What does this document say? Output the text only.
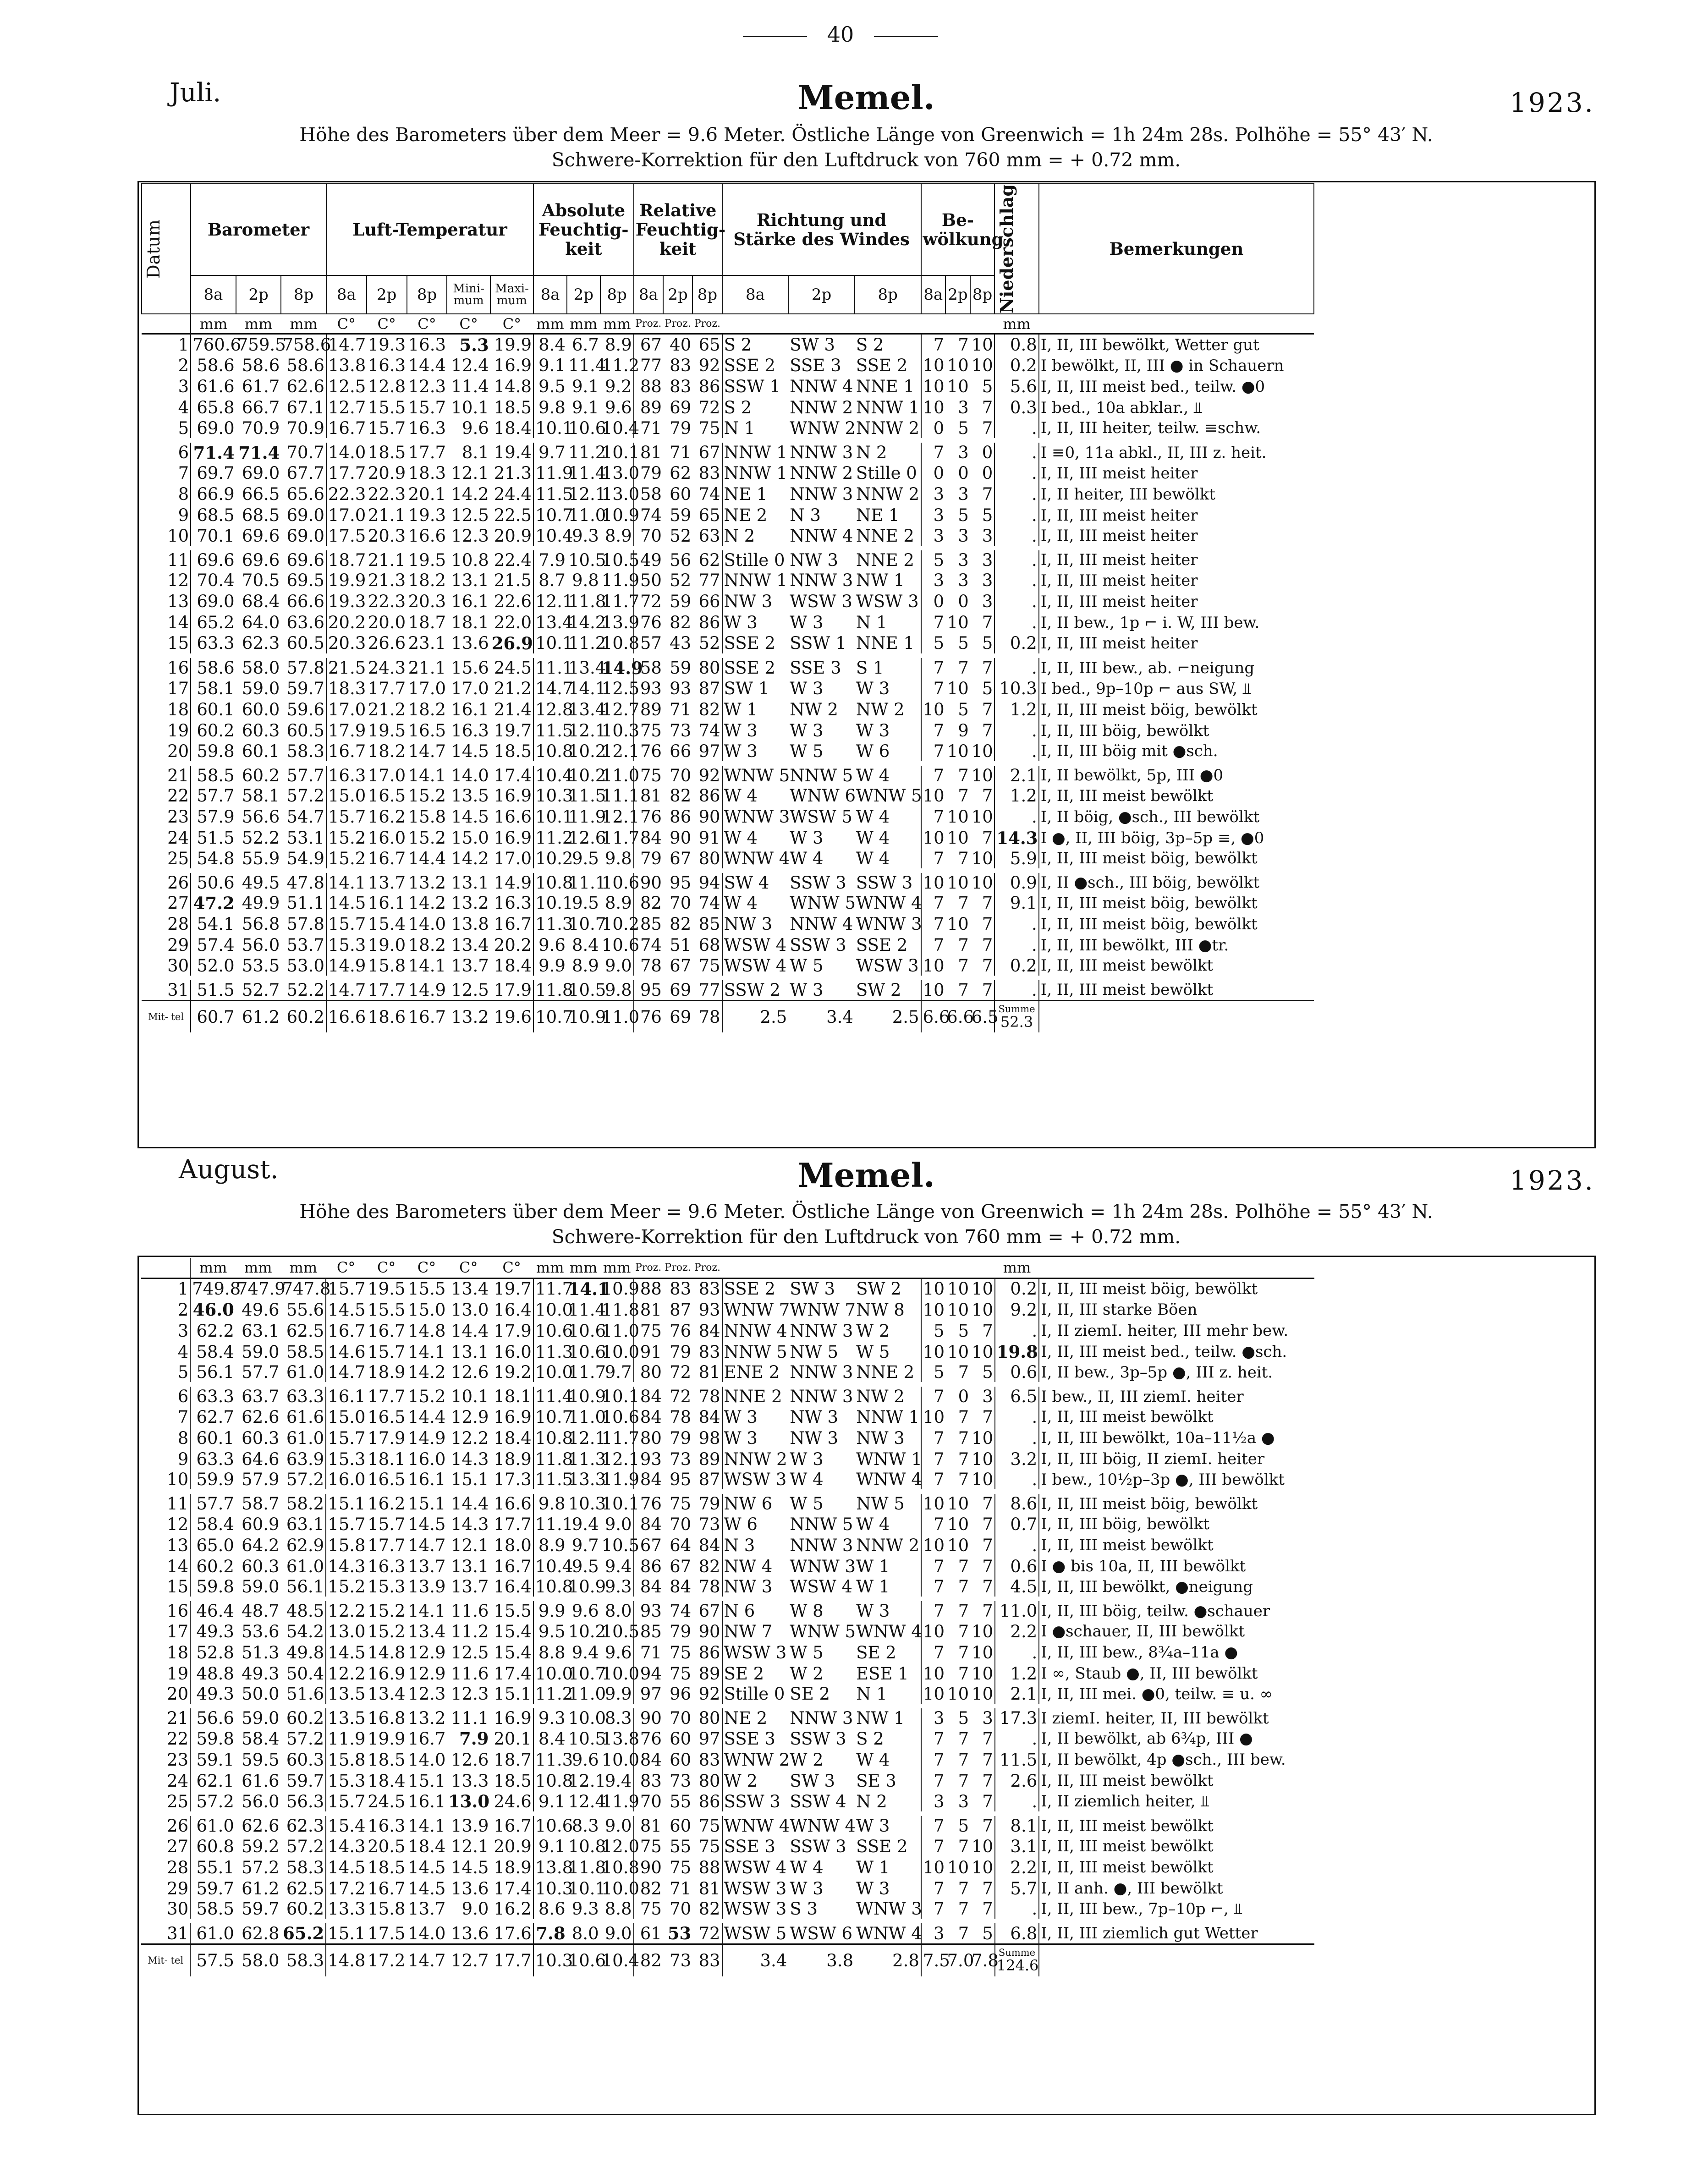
40
Juli.	Memel.	1923.
Höhe des Barometers über dem Meer = 9.6 Meter. Östliche Länge von Greenwich = 1h 24m 28s. Polhöhe = 55° 43′ N.
Schwere-Korrektion für den Luftdruck von 760 mm = + 0.72 mm.
Datum	Barometer			Luft-Temperatur					Absolute Feuchtig- keit			Relative Feuchtig- keit			Richtung und Stärke des Windes			Be- wölkung			Niederschlag	Bemerkungen
	8a	2p	8p	8a	2p	8p	Mini- mum	Maxi- mum	8a	2p	8p	8a	2p	8p	8a	2p	8p	8a	2p	8p		
	mm	mm	mm	C°	C°	C°	C°	C°	mm	mm	mm	Proz.	Proz.	Proz.							mm	
1	760.6	759.5	758.6	14.7	19.3	16.3	5.3	19.9	8.4	6.7	8.9	67	40	65	S 2	SW 3	S 2	7	7	10	0.8	I, II, III bewölkt, Wetter gut
2	58.6	58.6	58.6	13.8	16.3	14.4	12.4	16.9	9.1	11.4	11.2	77	83	92	SSE 2	SSE 3	SSE 2	10	10	10	0.2	I bewölkt, II, III ● in Schauern
3	61.6	61.7	62.6	12.5	12.8	12.3	11.4	14.8	9.5	9.1	9.2	88	83	86	SSW 1	NNW 4	NNE 1	10	10	5	5.6	I, II, III meist bed., teilw. ●0
4	65.8	66.7	67.1	12.7	15.5	15.7	10.1	18.5	9.8	9.1	9.6	89	69	72	S 2	NNW 2	NNW 1	10	3	7	0.3	I bed., 10a abklar., ⫫
5	69.0	70.9	70.9	16.7	15.7	16.3	9.6	18.4	10.1	10.6	10.4	71	79	75	N 1	WNW 2	NNW 2	0	5	7	.	I, II, III heiter, teilw. ≡schw.
6	71.4	71.4	70.7	14.0	18.5	17.7	8.1	19.4	9.7	11.2	10.1	81	71	67	NNW 1	NNW 3	N 2	7	3	0	.	I ≡0, 11a abkl., II, III z. heit.
7	69.7	69.0	67.7	17.7	20.9	18.3	12.1	21.3	11.9	11.4	13.0	79	62	83	NNW 1	NNW 2	Stille 0	0	0	0	.	I, II, III meist heiter
8	66.9	66.5	65.6	22.3	22.3	20.1	14.2	24.4	11.5	12.1	13.0	58	60	74	NE 1	NNW 3	NNW 2	3	3	7	.	I, II heiter, III bewölkt
9	68.5	68.5	69.0	17.0	21.1	19.3	12.5	22.5	10.7	11.0	10.9	74	59	65	NE 2	N 3	NE 1	3	5	5	.	I, II, III meist heiter
10	70.1	69.6	69.0	17.5	20.3	16.6	12.3	20.9	10.4	9.3	8.9	70	52	63	N 2	NNW 4	NNE 2	3	3	3	.	I, II, III meist heiter
11	69.6	69.6	69.6	18.7	21.1	19.5	10.8	22.4	7.9	10.5	10.5	49	56	62	Stille 0	NW 3	NNE 2	5	3	3	.	I, II, III meist heiter
12	70.4	70.5	69.5	19.9	21.3	18.2	13.1	21.5	8.7	9.8	11.9	50	52	77	NNW 1	NNW 3	NW 1	3	3	3	.	I, II, III meist heiter
13	69.0	68.4	66.6	19.3	22.3	20.3	16.1	22.6	12.1	11.8	11.7	72	59	66	NW 3	WSW 3	WSW 3	0	0	3	.	I, II, III meist heiter
14	65.2	64.0	63.6	20.2	20.0	18.7	18.1	22.0	13.4	14.2	13.9	76	82	86	W 3	W 3	N 1	7	10	7	.	I, II bew., 1p ⌐ i. W, III bew.
15	63.3	62.3	60.5	20.3	26.6	23.1	13.6	26.9	10.1	11.2	10.8	57	43	52	SSE 2	SSW 1	NNE 1	5	5	5	0.2	I, II, III meist heiter
16	58.6	58.0	57.8	21.5	24.3	21.1	15.6	24.5	11.1	13.4	14.9	58	59	80	SSE 2	SSE 3	S 1	7	7	7	.	I, II, III bew., ab. ⌐neigung
17	58.1	59.0	59.7	18.3	17.7	17.0	17.0	21.2	14.7	14.1	12.5	93	93	87	SW 1	W 3	W 3	7	10	5	10.3	I bed., 9p–10p ⌐ aus SW, ⫫
18	60.1	60.0	59.6	17.0	21.2	18.2	16.1	21.4	12.8	13.4	12.7	89	71	82	W 1	NW 2	NW 2	10	5	7	1.2	I, II, III meist böig, bewölkt
19	60.2	60.3	60.5	17.9	19.5	16.5	16.3	19.7	11.5	12.1	10.3	75	73	74	W 3	W 3	W 3	7	9	7	.	I, II, III böig, bewölkt
20	59.8	60.1	58.3	16.7	18.2	14.7	14.5	18.5	10.8	10.2	12.1	76	66	97	W 3	W 5	W 6	7	10	10	.	I, II, III böig mit ●sch.
21	58.5	60.2	57.7	16.3	17.0	14.1	14.0	17.4	10.4	10.2	11.0	75	70	92	WNW 5	NNW 5	W 4	7	7	10	2.1	I, II bewölkt, 5p, III ●0
22	57.7	58.1	57.2	15.0	16.5	15.2	13.5	16.9	10.3	11.5	11.1	81	82	86	W 4	WNW 6	WNW 5	10	7	7	1.2	I, II, III meist bewölkt
23	57.9	56.6	54.7	15.7	16.2	15.8	14.5	16.6	10.1	11.9	12.1	76	86	90	WNW 3	WSW 5	W 4	7	10	10	.	I, II böig, ●sch., III bewölkt
24	51.5	52.2	53.1	15.2	16.0	15.2	15.0	16.9	11.2	12.6	11.7	84	90	91	W 4	W 3	W 4	10	10	7	14.3	I ●, II, III böig, 3p–5p ≡, ●0
25	54.8	55.9	54.9	15.2	16.7	14.4	14.2	17.0	10.2	9.5	9.8	79	67	80	WNW 4	W 4	W 4	7	7	10	5.9	I, II, III meist böig, bewölkt
26	50.6	49.5	47.8	14.1	13.7	13.2	13.1	14.9	10.8	11.1	10.6	90	95	94	SW 4	SSW 3	SSW 3	10	10	10	0.9	I, II ●sch., III böig, bewölkt
27	47.2	49.9	51.1	14.5	16.1	14.2	13.2	16.3	10.1	9.5	8.9	82	70	74	W 4	WNW 5	WNW 4	7	7	7	9.1	I, II, III meist böig, bewölkt
28	54.1	56.8	57.8	15.7	15.4	14.0	13.8	16.7	11.3	10.7	10.2	85	82	85	NW 3	NNW 4	WNW 3	7	10	7	.	I, II, III meist böig, bewölkt
29	57.4	56.0	53.7	15.3	19.0	18.2	13.4	20.2	9.6	8.4	10.6	74	51	68	WSW 4	SSW 3	SSE 2	7	7	7	.	I, II, III bewölkt, III ●tr.
30	52.0	53.5	53.0	14.9	15.8	14.1	13.7	18.4	9.9	8.9	9.0	78	67	75	WSW 4	W 5	WSW 3	10	7	7	0.2	I, II, III meist bewölkt
31	51.5	52.7	52.2	14.7	17.7	14.9	12.5	17.9	11.8	10.5	9.8	95	69	77	SSW 2	W 3	SW 2	10	7	7	.	I, II, III meist bewölkt
Mit- tel	60.7	61.2	60.2	16.6	18.6	16.7	13.2	19.6	10.7	10.9	11.0	76	69	78	2.5	3.4	2.5	6.6	6.6	6.5	Summe
52.3	

August.	Memel.	1923.
Höhe des Barometers über dem Meer = 9.6 Meter. Östliche Länge von Greenwich = 1h 24m 28s. Polhöhe = 55° 43′ N.
Schwere-Korrektion für den Luftdruck von 760 mm = + 0.72 mm.
	mm	mm	mm	C°	C°	C°	C°	C°	mm	mm	mm	Proz.	Proz.	Proz.							mm	
1	749.8	747.9	747.8	15.7	19.5	15.5	13.4	19.7	11.7	14.1	10.9	88	83	83	SSE 2	SW 3	SW 2	10	10	10	0.2	I, II, III meist böig, bewölkt
2	46.0	49.6	55.6	14.5	15.5	15.0	13.0	16.4	10.0	11.4	11.8	81	87	93	WNW 7	WNW 7	NW 8	10	10	10	9.2	I, II, III starke Böen
3	62.2	63.1	62.5	16.7	16.7	14.8	14.4	17.9	10.6	10.6	11.0	75	76	84	NNW 4	NNW 3	W 2	5	5	7	.	I, II ziemI. heiter, III mehr bew.
4	58.4	59.0	58.5	14.6	15.7	14.1	13.1	16.0	11.3	10.6	10.0	91	79	83	NNW 5	NW 5	W 5	10	10	10	19.8	I, II, III meist bed., teilw. ●sch.
5	56.1	57.7	61.0	14.7	18.9	14.2	12.6	19.2	10.0	11.7	9.7	80	72	81	ENE 2	NNW 3	NNE 2	5	7	5	0.6	I, II bew., 3p–5p ●, III z. heit.
6	63.3	63.7	63.3	16.1	17.7	15.2	10.1	18.1	11.4	10.9	10.1	84	72	78	NNE 2	NNW 3	NW 2	7	0	3	6.5	I bew., II, III ziemI. heiter
7	62.7	62.6	61.6	15.0	16.5	14.4	12.9	16.9	10.7	11.0	10.6	84	78	84	W 3	NW 3	NNW 1	10	7	7	.	I, II, III meist bewölkt
8	60.1	60.3	61.0	15.7	17.9	14.9	12.2	18.4	10.8	12.1	11.7	80	79	98	W 3	NW 3	NW 3	7	7	10	.	I, II, III bewölkt, 10a–11½a ●
9	63.3	64.6	63.9	15.3	18.1	16.0	14.3	18.9	11.8	11.3	12.1	93	73	89	NNW 2	W 3	WNW 1	7	7	10	3.2	I, II, III böig, II ziemI. heiter
10	59.9	57.9	57.2	16.0	16.5	16.1	15.1	17.3	11.5	13.3	11.9	84	95	87	WSW 3	W 4	WNW 4	7	7	10	.	I bew., 10½p–3p ●, III bewölkt
11	57.7	58.7	58.2	15.1	16.2	15.1	14.4	16.6	9.8	10.3	10.1	76	75	79	NW 6	W 5	NW 5	10	10	7	8.6	I, II, III meist böig, bewölkt
12	58.4	60.9	63.1	15.7	15.7	14.5	14.3	17.7	11.1	9.4	9.0	84	70	73	W 6	NNW 5	W 4	7	10	7	0.7	I, II, III böig, bewölkt
13	65.0	64.2	62.9	15.8	17.7	14.7	12.1	18.0	8.9	9.7	10.5	67	64	84	N 3	NNW 3	NNW 2	10	10	7	.	I, II, III meist bewölkt
14	60.2	60.3	61.0	14.3	16.3	13.7	13.1	16.7	10.4	9.5	9.4	86	67	82	NW 4	WNW 3	W 1	7	7	7	0.6	I ● bis 10a, II, III bewölkt
15	59.8	59.0	56.1	15.2	15.3	13.9	13.7	16.4	10.8	10.9	9.3	84	84	78	NW 3	WSW 4	W 1	7	7	7	4.5	I, II, III bewölkt, ●neigung
16	46.4	48.7	48.5	12.2	15.2	14.1	11.6	15.5	9.9	9.6	8.0	93	74	67	N 6	W 8	W 3	7	7	7	11.0	I, II, III böig, teilw. ●schauer
17	49.3	53.6	54.2	13.0	15.2	13.4	11.2	15.4	9.5	10.2	10.5	85	79	90	NW 7	WNW 5	WNW 4	10	7	10	2.2	I ●schauer, II, III bewölkt
18	52.8	51.3	49.8	14.5	14.8	12.9	12.5	15.4	8.8	9.4	9.6	71	75	86	WSW 3	W 5	SE 2	7	7	10	.	I, II, III bew., 8¾a–11a ●
19	48.8	49.3	50.4	12.2	16.9	12.9	11.6	17.4	10.0	10.7	10.0	94	75	89	SE 2	W 2	ESE 1	10	7	10	1.2	I ∞, Staub ●, II, III bewölkt
20	49.3	50.0	51.6	13.5	13.4	12.3	12.3	15.1	11.2	11.0	9.9	97	96	92	Stille 0	SE 2	N 1	10	10	10	2.1	I, II, III mei. ●0, teilw. ≡ u. ∞
21	56.6	59.0	60.2	13.5	16.8	13.2	11.1	16.9	9.3	10.0	8.3	90	70	80	NE 2	NNW 3	NW 1	3	5	3	17.3	I ziemI. heiter, II, III bewölkt
22	59.8	58.4	57.2	11.9	19.9	16.7	7.9	20.1	8.4	10.5	13.8	76	60	97	SSE 3	SSW 3	S 2	7	7	7	.	I, II bewölkt, ab 6¾p, III ●
23	59.1	59.5	60.3	15.8	18.5	14.0	12.6	18.7	11.3	9.6	10.0	84	60	83	WNW 2	W 2	W 4	7	7	7	11.5	I, II bewölkt, 4p ●sch., III bew.
24	62.1	61.6	59.7	15.3	18.4	15.1	13.3	18.5	10.8	12.1	9.4	83	73	80	W 2	SW 3	SE 3	7	7	7	2.6	I, II, III meist bewölkt
25	57.2	56.0	56.3	15.7	24.5	16.1	13.0	24.6	9.1	12.4	11.9	70	55	86	SSW 3	SSW 4	N 2	3	3	7	.	I, II ziemlich heiter, ⫫
26	61.0	62.6	62.3	15.4	16.3	14.1	13.9	16.7	10.6	8.3	9.0	81	60	75	WNW 4	WNW 4	W 3	7	5	7	8.1	I, II, III meist bewölkt
27	60.8	59.2	57.2	14.3	20.5	18.4	12.1	20.9	9.1	10.8	12.0	75	55	75	SSE 3	SSW 3	SSE 2	7	7	10	3.1	I, II, III meist bewölkt
28	55.1	57.2	58.3	14.5	18.5	14.5	14.5	18.9	13.8	11.8	10.8	90	75	88	WSW 4	W 4	W 1	10	10	10	2.2	I, II, III meist bewölkt
29	59.7	61.2	62.5	17.2	16.7	14.5	13.6	17.4	10.3	10.1	10.0	82	71	81	WSW 3	W 3	W 3	7	7	7	5.7	I, II anh. ●, III bewölkt
30	58.5	59.7	60.2	13.3	15.8	13.7	9.0	16.2	8.6	9.3	8.8	75	70	82	WSW 3	S 3	WNW 3	7	7	7	.	I, II, III bew., 7p–10p ⌐, ⫫
31	61.0	62.8	65.2	15.1	17.5	14.0	13.6	17.6	7.8	8.0	9.0	61	53	72	WSW 5	WSW 6	WNW 4	3	7	5	6.8	I, II, III ziemlich gut Wetter
Mit- tel	57.5	58.0	58.3	14.8	17.2	14.7	12.7	17.7	10.3	10.6	10.4	82	73	83	3.4	3.8	2.8	7.5	7.0	7.8	Summe
124.6	
